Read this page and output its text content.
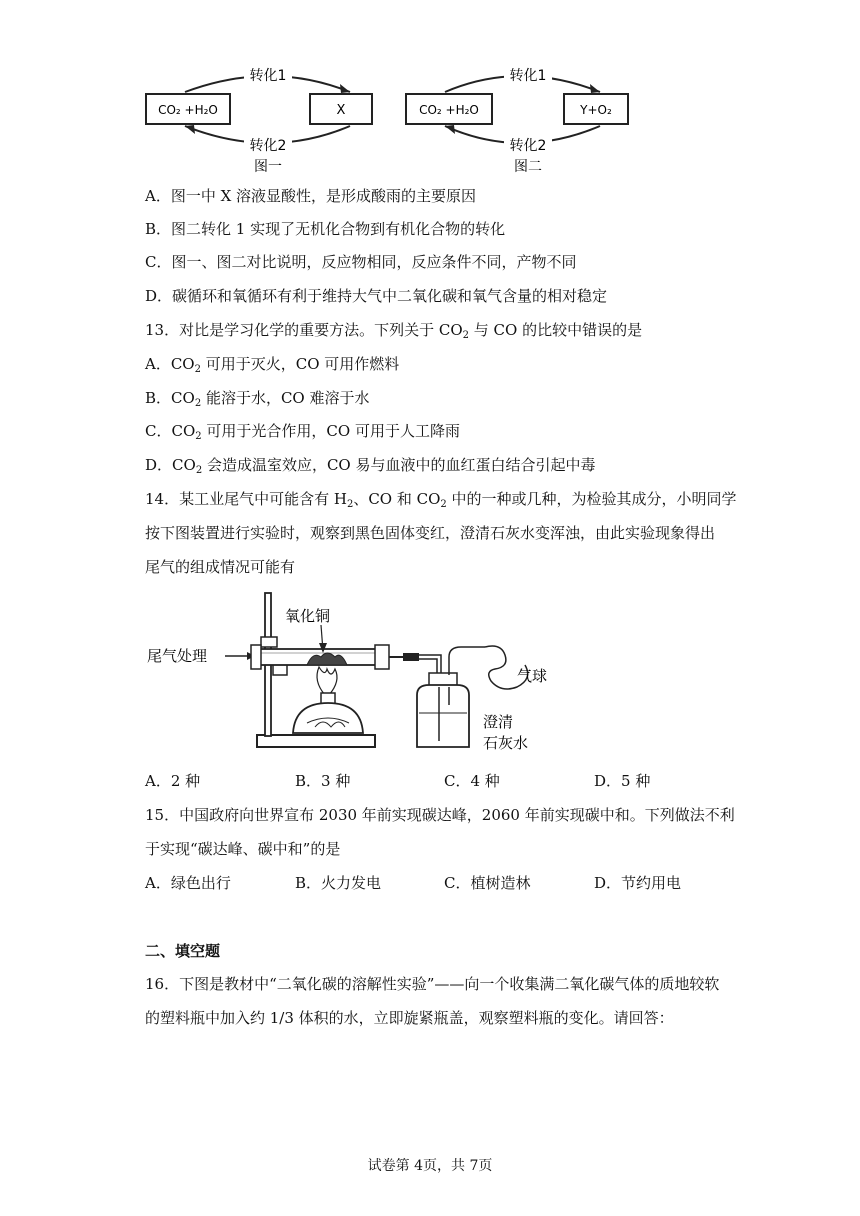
CO₂ +H₂O	X
转化1
转化2
图一
CO₂ +H₂O	Y+O₂
转化1
转化2
图二
A．图一中 X 溶液显酸性，是形成酸雨的主要原因
B．图二转化 1 实现了无机化合物到有机化合物的转化
C．图一、图二对比说明，反应物相同，反应条件不同，产物不同
D．碳循环和氧循环有利于维持大气中二氧化碳和氧气含量的相对稳定
13．对比是学习化学的重要方法。下列关于 $CO_2$ 与 CO 的比较中错误的是
A．$CO_2$ 可用于灭火，CO 可用作燃料
B．$CO_2$ 能溶于水，CO 难溶于水
C．$CO_2$ 可用于光合作用，CO 可用于人工降雨
D．$CO_2$ 会造成温室效应，CO 易与血液中的血红蛋白结合引起中毒
14．某工业尾气中可能含有 $H_2$、CO 和 $CO_2$ 中的一种或几种，为检验其成分，小明同学
按下图装置进行实验时，观察到黑色固体变红，澄清石灰水变浑浊，由此实验现象得出
尾气的组成情况可能有
尾气处理
氧化铜
气球
澄清
石灰水
A．2 种	B．3 种	C．4 种	D．5 种
15．中国政府向世界宣布 2030 年前实现碳达峰，2060 年前实现碳中和。下列做法不利
于实现“碳达峰、碳中和”的是
A．绿色出行	B．火力发电	C．植树造林	D．节约用电
二、填空题
16．下图是教材中“二氧化碳的溶解性实验”——向一个收集满二氧化碳气体的质地较软
的塑料瓶中加入约 1/3 体积的水，立即旋紧瓶盖，观察塑料瓶的变化。请回答：
试卷第 4页，共 7页
